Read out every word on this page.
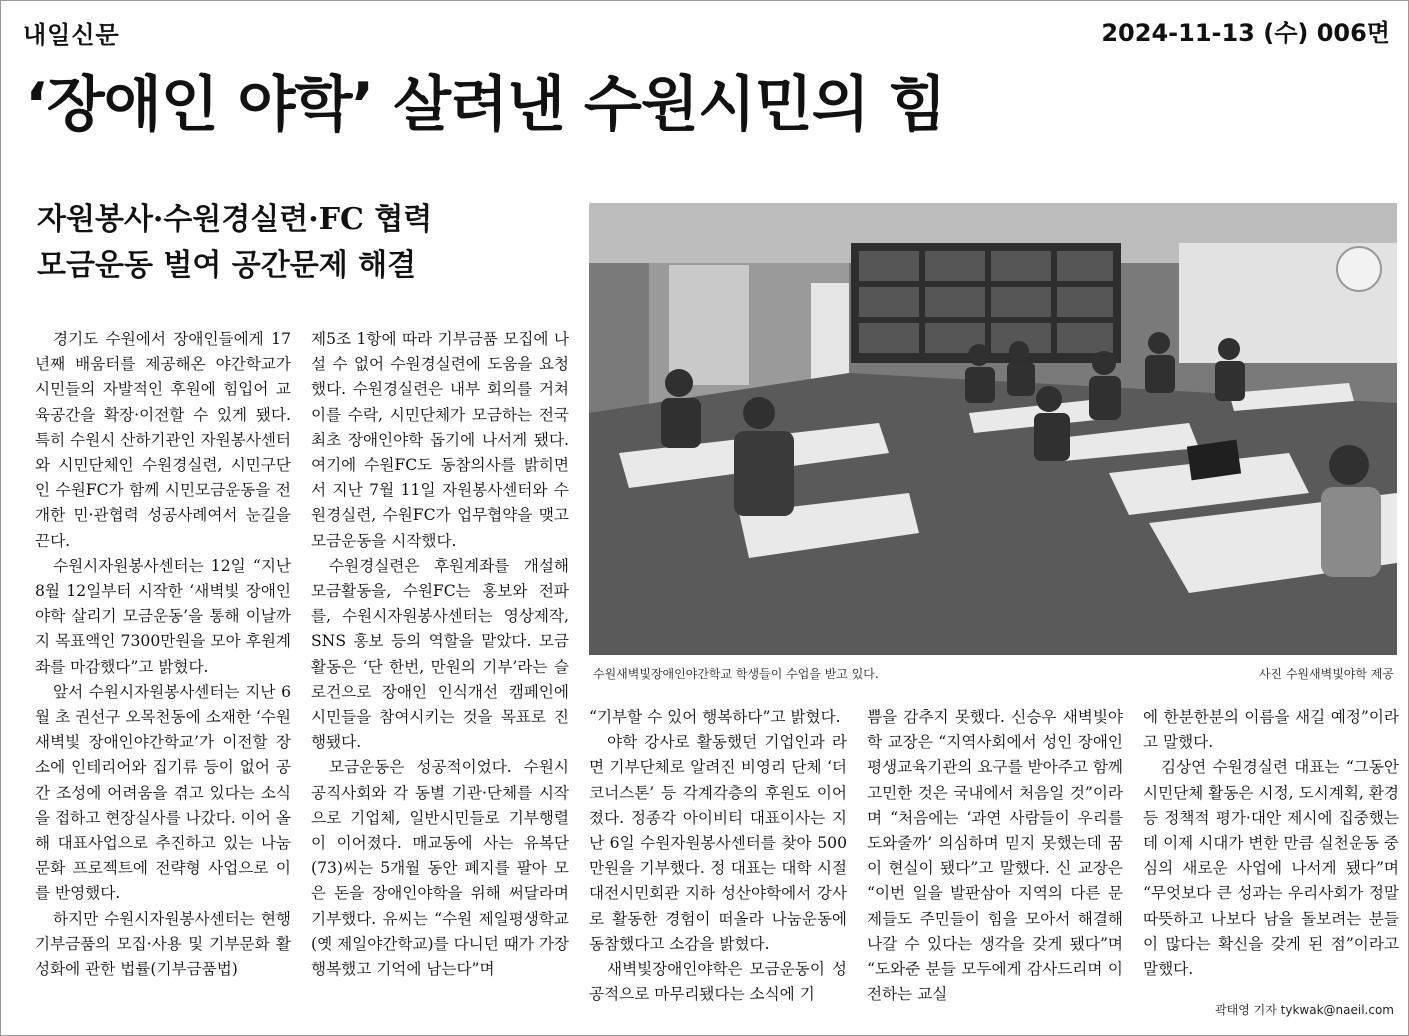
내일신문	2024-11-13 (수) 006면
‘장애인 야학’ 살려낸 수원시민의 힘
자원봉사·수원경실련·FC 협력
모금운동 벌여 공간문제 해결

경기도 수원에서 장애인들에게 17년째 배움터를 제공해온 야간학교가 시민들의 자발적인 후원에 힘입어 교육공간을 확장·이전할 수 있게 됐다. 특히 수원시 산하기관인 자원봉사센터와 시민단체인 수원경실련, 시민구단인 수원FC가 함께 시민모금운동을 전개한 민·관협력 성공사례여서 눈길을 끈다.

수원시자원봉사센터는 12일 “지난 8월 12일부터 시작한 ‘새벽빛 장애인야학 살리기 모금운동’을 통해 이날까지 목표액인 7300만원을 모아 후원계좌를 마감했다”고 밝혔다.

앞서 수원시자원봉사센터는 지난 6월 초 권선구 오목천동에 소재한 ‘수원새벽빛 장애인야간학교’가 이전할 장소에 인테리어와 집기류 등이 없어 공간 조성에 어려움을 겪고 있다는 소식을 접하고 현장실사를 나갔다. 이어 올해 대표사업으로 추진하고 있는 나눔문화 프로젝트에 전략형 사업으로 이를 반영했다.

하지만 수원시자원봉사센터는 현행 기부금품의 모집·사용 및 기부문화 활성화에 관한 법률(기부금품법)

제5조 1항에 따라 기부금품 모집에 나설 수 없어 수원경실련에 도움을 요청했다. 수원경실련은 내부 회의를 거쳐 이를 수락, 시민단체가 모금하는 전국 최초 장애인야학 돕기에 나서게 됐다. 여기에 수원FC도 동참의사를 밝히면서 지난 7월 11일 자원봉사센터와 수원경실련, 수원FC가 업무협약을 맺고 모금운동을 시작했다.

수원경실련은 후원계좌를 개설해 모금활동을, 수원FC는 홍보와 전파를, 수원시자원봉사센터는 영상제작, SNS 홍보 등의 역할을 맡았다. 모금활동은 ‘단 한번, 만원의 기부’라는 슬로건으로 장애인 인식개선 캠페인에 시민들을 참여시키는 것을 목표로 진행됐다.

모금운동은 성공적이었다. 수원시 공직사회와 각 동별 기관·단체를 시작으로 기업체, 일반시민들로 기부행렬이 이어졌다. 매교동에 사는 유복단(73)씨는 5개월 동안 폐지를 팔아 모은 돈을 장애인야학을 위해 써달라며 기부했다. 유씨는 “수원 제일평생학교(옛 제일야간학교)를 다니던 때가 가장 행복했고 기억에 남는다”며

수원새벽빛장애인야간학교 학생들이 수업을 받고 있다.	사진 수원새벽빛야학 제공

“기부할 수 있어 행복하다”고 밝혔다.

야학 강사로 활동했던 기업인과 라면 기부단체로 알려진 비영리 단체 ‘더 코너스톤’ 등 각계각층의 후원도 이어졌다. 정종각 아이비티 대표이사는 지난 6일 수원자원봉사센터를 찾아 500만원을 기부했다. 정 대표는 대학 시절 대전시민회관 지하 성산야학에서 강사로 활동한 경험이 떠올라 나눔운동에 동참했다고 소감을 밝혔다.

새벽빛장애인야학은 모금운동이 성공적으로 마무리됐다는 소식에 기

쁨을 감추지 못했다. 신승우 새벽빛야학 교장은 “지역사회에서 성인 장애인평생교육기관의 요구를 받아주고 함께 고민한 것은 국내에서 처음일 것”이라며 “처음에는 ‘과연 사람들이 우리를 도와줄까’ 의심하며 믿지 못했는데 꿈이 현실이 됐다”고 말했다. 신 교장은 “이번 일을 발판삼아 지역의 다른 문제들도 주민들이 힘을 모아서 해결해나갈 수 있다는 생각을 갖게 됐다”며 “도와준 분들 모두에게 감사드리며 이전하는 교실

에 한분한분의 이름을 새길 예정”이라고 말했다.

김상연 수원경실련 대표는 “그동안 시민단체 활동은 시정, 도시계획, 환경 등 정책적 평가·대안 제시에 집중했는데 이제 시대가 변한 만큼 실천운동 중심의 새로운 사업에 나서게 됐다”며 “무엇보다 큰 성과는 우리사회가 정말 따뜻하고 나보다 남을 돌보려는 분들이 많다는 확신을 갖게 된 점”이라고 말했다.

곽태영 기자 tykwak@naeil.com
